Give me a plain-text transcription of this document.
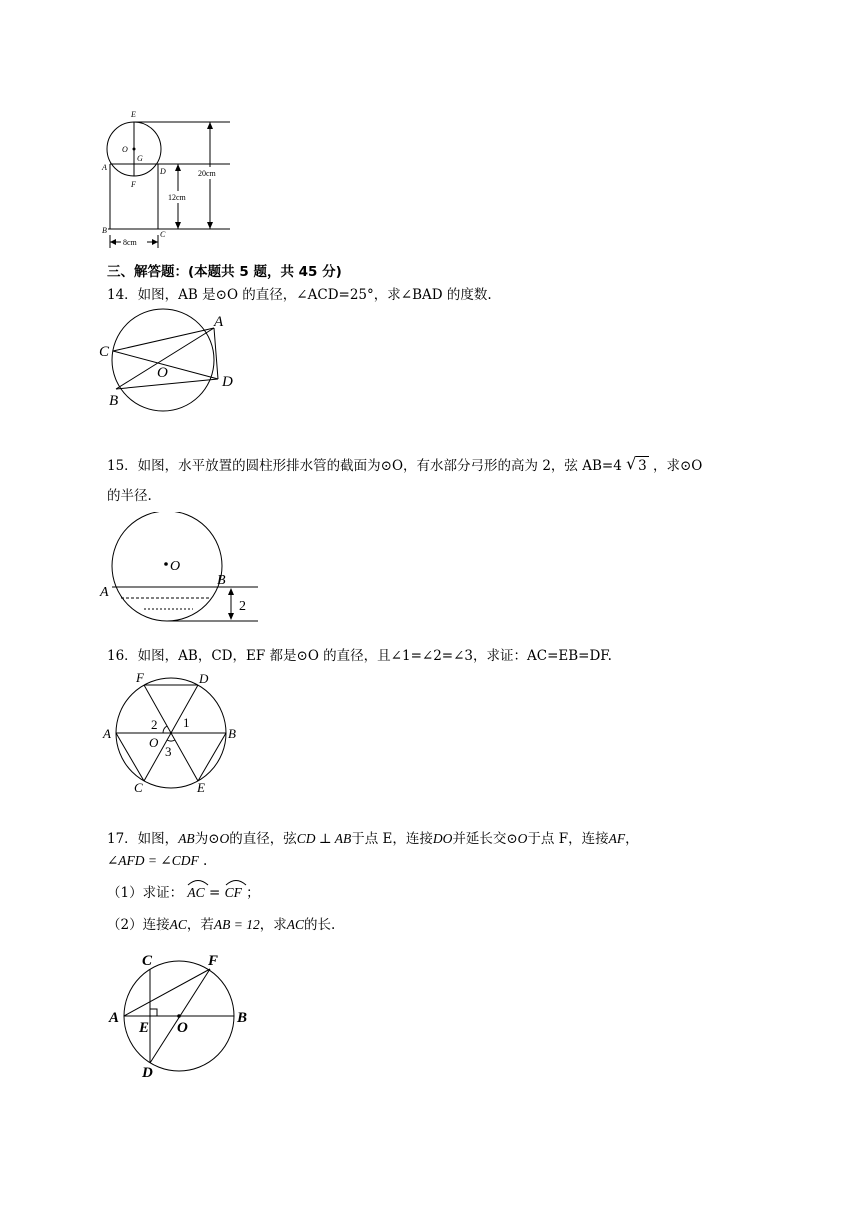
E
O
G
A	D
F
B	C
20cm
12cm
8cm
三、解答题：(本题共 5 题，共 45 分)
14．如图，AB 是⊙O 的直径，∠ACD=25°，求∠BAD 的度数.
A
C
O
D
B
15．如图，水平放置的圆柱形排水管的截面为⊙O，有水部分弓形的高为 2，弦 AB=4 √ 3 ，求⊙O
的半径.
O
A
B
2
16．如图，AB，CD，EF 都是⊙O 的直径，且∠1=∠2=∠3，求证：AC=EB=DF.
F	D
A	B
O
C	E
1
2
3
17．如图，AB为⊙O的直径，弦CD ⊥ AB于点 E，连接DO并延长交⊙O于点 F，连接AF，
∠AFD = ∠CDF .
（1）求证： AC = CF ；
（2）连接AC，若AB = 12，求AC的长.
C	F
A
E O
B
D
